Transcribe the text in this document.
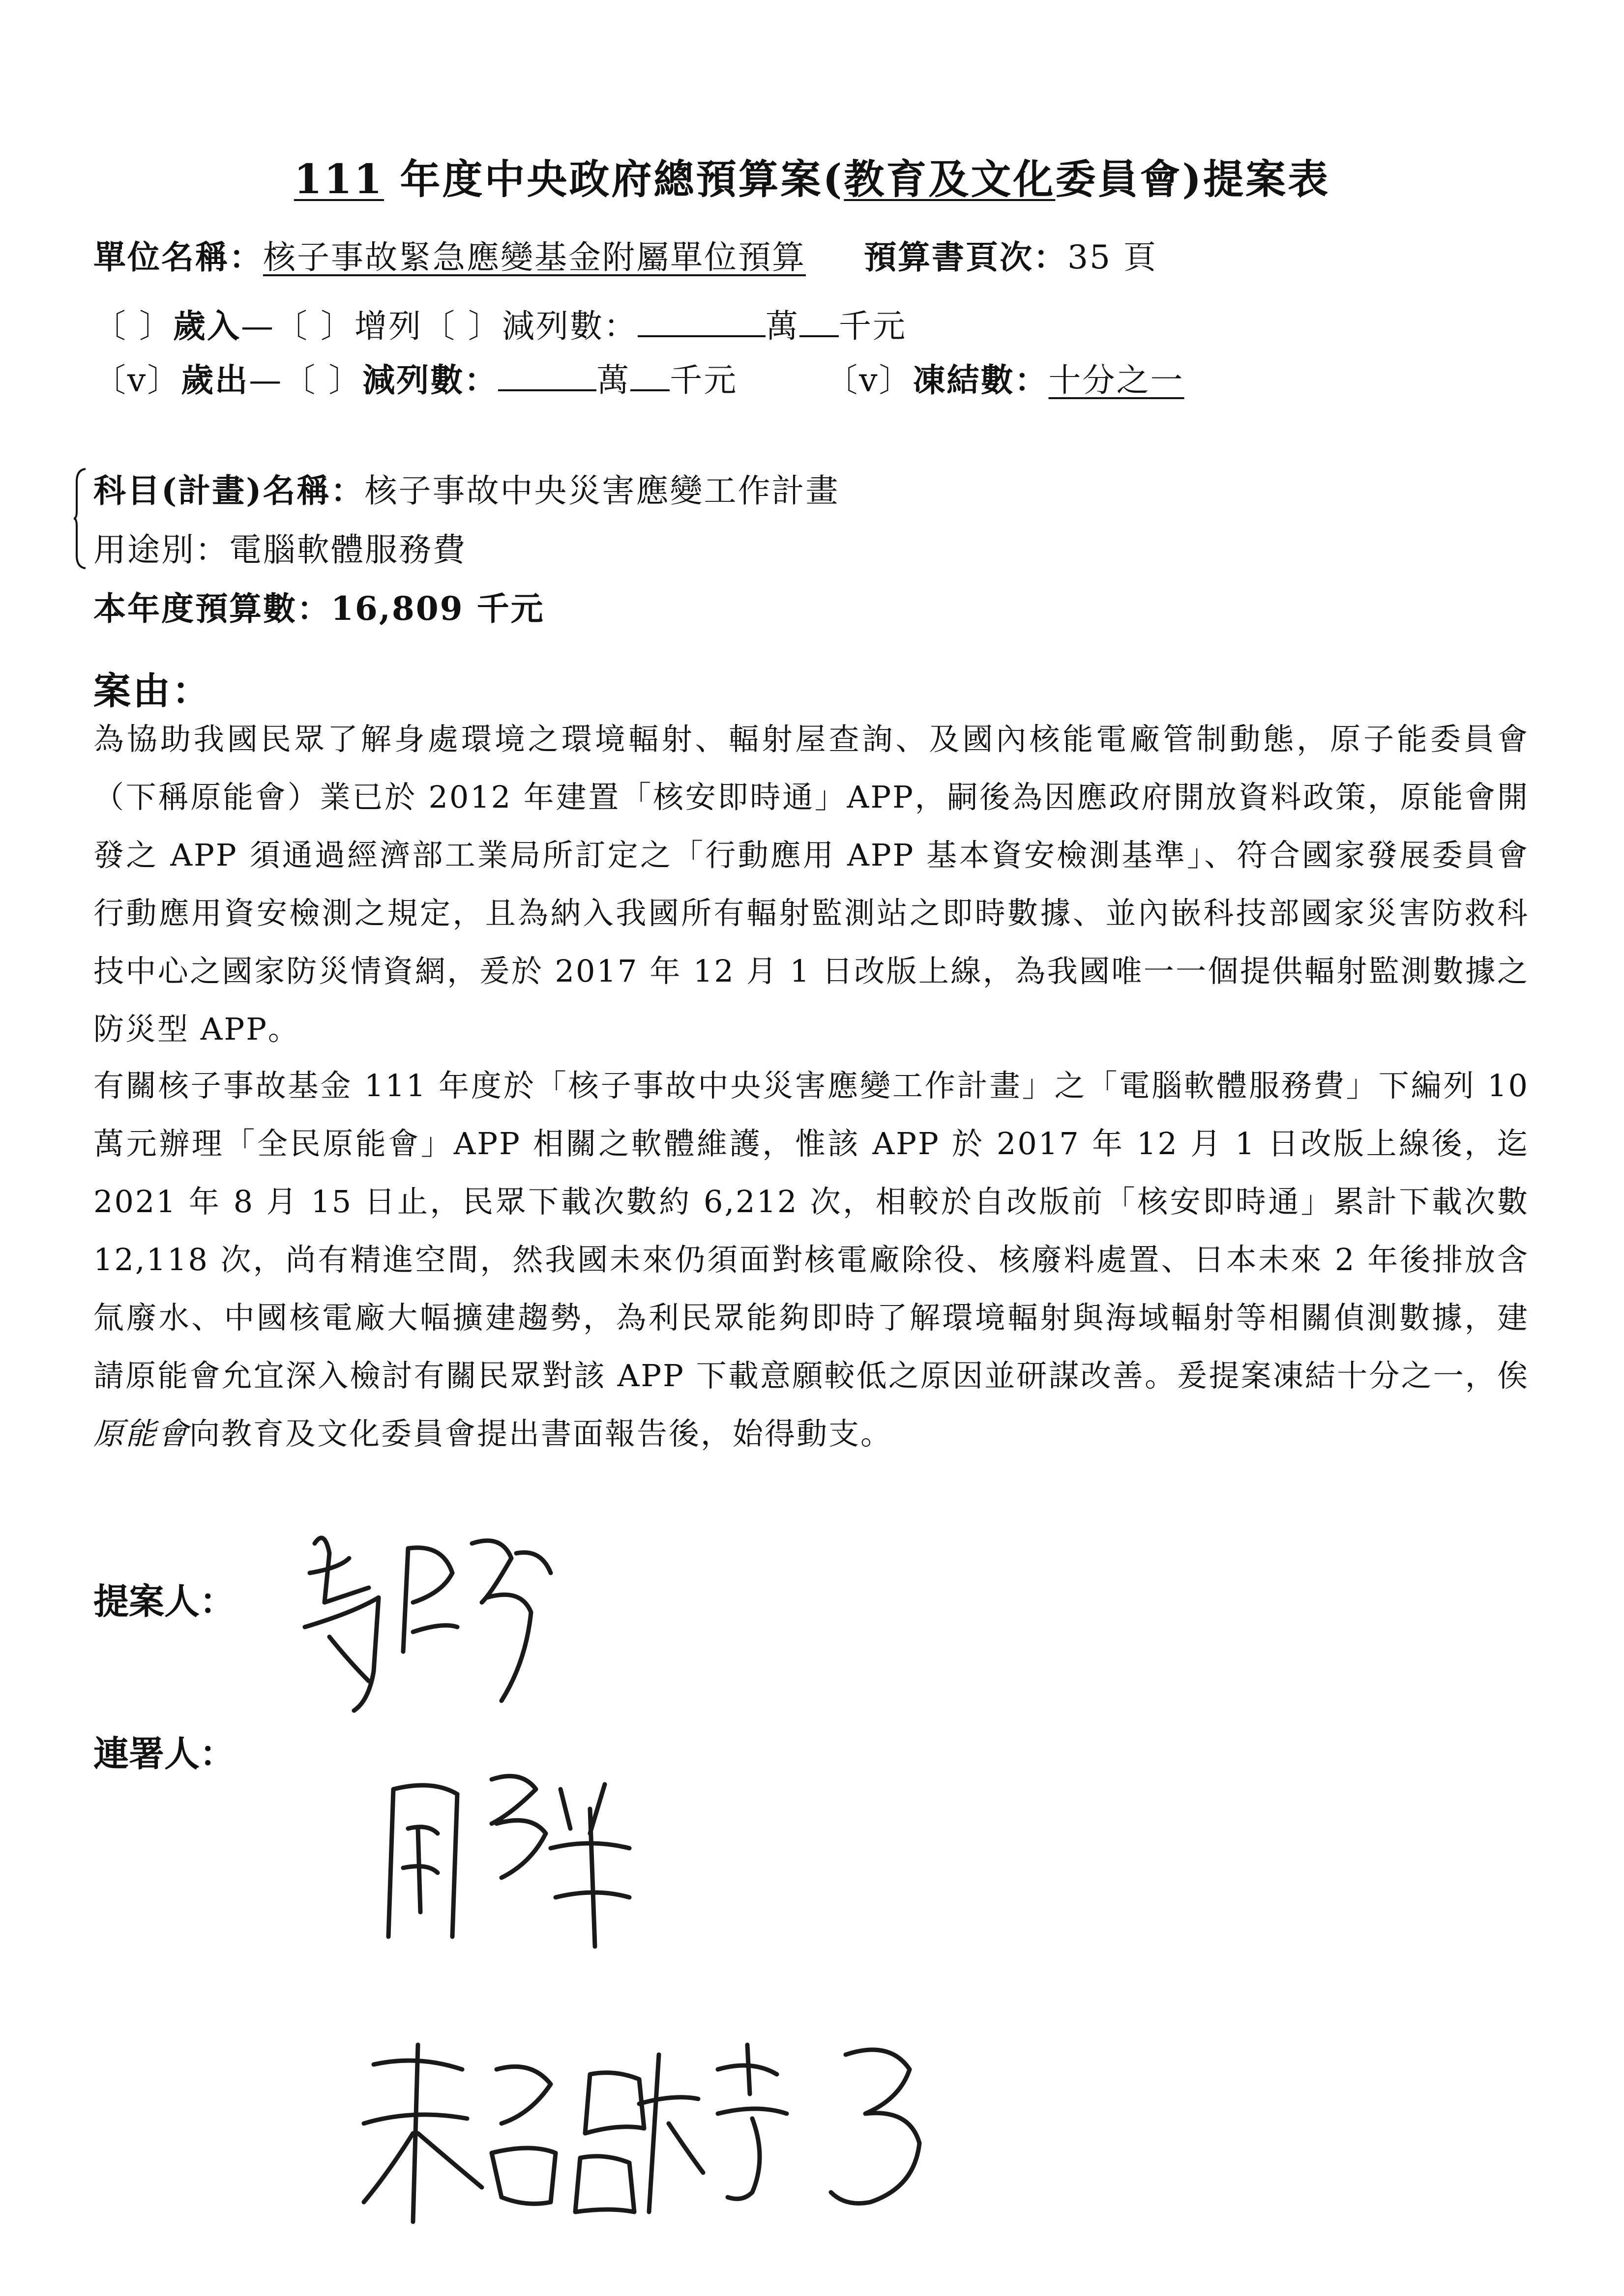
111 年度中央政府總預算案(教育及文化委員會)提案表
單位名稱：核子事故緊急應變基金附屬單位預算 預算書頁次：35 頁
〔 〕歲入—〔 〕增列〔 〕減列數：	萬 千元
〔v〕歲出—〔 〕減列數：	萬 千元	〔v〕凍結數：十分之一
科目(計畫)名稱：核子事故中央災害應變工作計畫
用途別：電腦軟體服務費
本年度預算數：16,809 千元
案由：
為協助我國民眾了解身處環境之環境輻射、輻射屋查詢、及國內核能電廠管制動態，原子能委員會（下稱原能會）業已於 2012 年建置「核安即時通」APP，嗣後為因應政府開放資料政策，原能會開發之 APP 須通過經濟部工業局所訂定之「行動應用 APP 基本資安檢測基準」、符合國家發展委員會行動應用資安檢測之規定，且為納入我國所有輻射監測站之即時數據、並內嵌科技部國家災害防救科技中心之國家防災情資網，爰於 2017 年 12 月 1 日改版上線，為我國唯一一個提供輻射監測數據之防災型 APP。
有關核子事故基金 111 年度於「核子事故中央災害應變工作計畫」之「電腦軟體服務費」下編列 10 萬元辦理「全民原能會」APP 相關之軟體維護，惟該 APP 於 2017 年 12 月 1 日改版上線後，迄 2021 年 8 月 15 日止，民眾下載次數約 6,212 次，相較於自改版前「核安即時通」累計下載次數 12,118 次，尚有精進空間，然我國未來仍須面對核電廠除役、核廢料處置、日本未來 2 年後排放含氚廢水、中國核電廠大幅擴建趨勢，為利民眾能夠即時了解環境輻射與海域輻射等相關偵測數據，建請原能會允宜深入檢討有關民眾對該 APP 下載意願較低之原因並研謀改善。爰提案凍結十分之一，俟原能會向教育及文化委員會提出書面報告後，始得動支。
提案人：
連署人：
